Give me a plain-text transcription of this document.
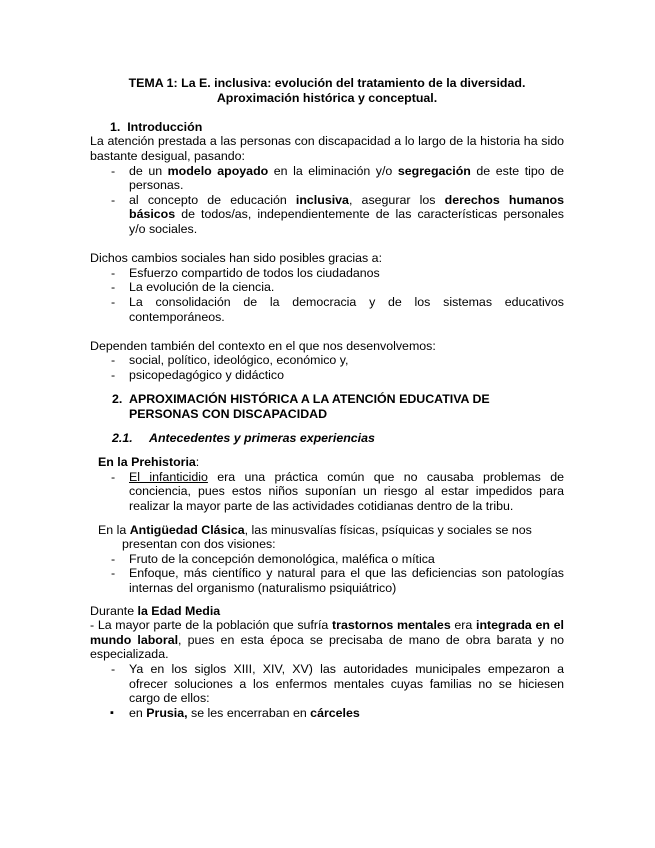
TEMA 1: La E. inclusiva: evolución del tratamiento de la diversidad.

Aproximación histórica y conceptual.

1. Introducción

La atención prestada a las personas con discapacidad a lo largo de la historia ha sido bastante desigual, pasando:

- de un modelo apoyado en la eliminación y/o segregación de este tipo de personas.
- al concepto de educación inclusiva, asegurar los derechos humanos básicos de todos/as, independientemente de las características personales y/o sociales.

Dichos cambios sociales han sido posibles gracias a:

- Esfuerzo compartido de todos los ciudadanos
- La evolución de la ciencia.
- La consolidación de la democracia y de los sistemas educativos contemporáneos.

Dependen también del contexto en el que nos desenvolvemos:

- social, político, ideológico, económico y,
- psicopedagógico y didáctico
2. APROXIMACIÓN HISTÓRICA A LA ATENCIÓN EDUCATIVA DE
PERSONAS CON DISCAPACIDAD

2.1. Antecedentes y primeras experiencias

En la Prehistoria:

- El infanticidio era una práctica común que no causaba problemas de conciencia, pues estos niños suponían un riesgo al estar impedidos para realizar la mayor parte de las actividades cotidianas dentro de la tribu.

En la Antigüedad Clásica, las minusvalías físicas, psíquicas y sociales se nos

presentan con dos visiones:

- Fruto de la concepción demonológica, maléfica o mítica
- Enfoque, más científico y natural para el que las deficiencias son patologías internas del organismo (naturalismo psiquiátrico)

Durante la Edad Media

- La mayor parte de la población que sufría trastornos mentales era integrada en el mundo laboral, pues en esta época se precisaba de mano de obra barata y no especializada.

- Ya en los siglos XIII, XIV, XV) las autoridades municipales empezaron a ofrecer soluciones a los enfermos mentales cuyas familias no se hiciesen cargo de ellos:
▪ en Prusia, se les encerraban en cárceles
